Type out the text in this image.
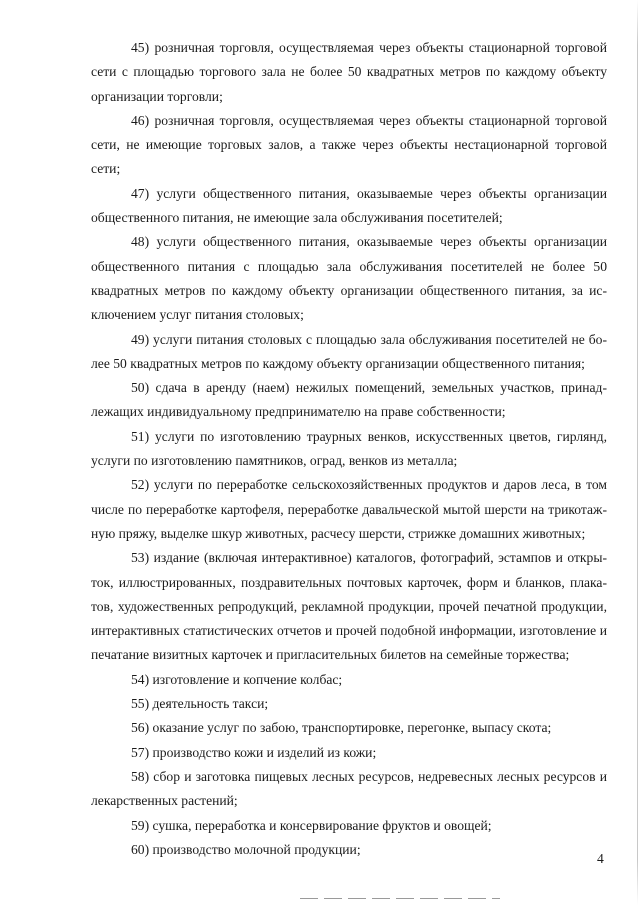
45) розничная торговля, осуществляемая через объекты стационарной торговой сети с площадью торгового зала не более 50 квадратных метров по каждому объекту организации торговли;

46) розничная торговля, осуществляемая через объекты стационарной торговой сети, не имеющие торговых залов, а также через объекты нестационарной торговой сети;

47) услуги общественного питания, оказываемые через объекты организации общественного питания, не имеющие зала обслуживания посетителей;

48) услуги общественного питания, оказываемые через объекты организации общественного питания с площадью зала обслуживания посетителей не более 50 квадратных метров по каждому объекту организации общественного питания, за исключением услуг питания столовых;

49) услуги питания столовых с площадью зала обслуживания посетителей не более 50 квадратных метров по каждому объекту организации общественного питания;

50) сдача в аренду (наем) нежилых помещений, земельных участков, принадлежащих индивидуальному предпринимателю на праве собственности;

51) услуги по изготовлению траурных венков, искусственных цветов, гирлянд, услуги по изготовлению памятников, оград, венков из металла;

52) услуги по переработке сельскохозяйственных продуктов и даров леса, в том числе по переработке картофеля, переработке давальческой мытой шерсти на трикотажную пряжу, выделке шкур животных, расчесу шерсти, стрижке домашних животных;

53) издание (включая интерактивное) каталогов, фотографий, эстампов и открыток, иллюстрированных, поздравительных почтовых карточек, форм и бланков, плакатов, художественных репродукций, рекламной продукции, прочей печатной продукции, интерактивных статистических отчетов и прочей подобной информации, изготовление и печатание визитных карточек и пригласительных билетов на семейные торжества;

54) изготовление и копчение колбас;

55) деятельность такси;

56) оказание услуг по забою, транспортировке, перегонке, выпасу скота;

57) производство кожи и изделий из кожи;

58) сбор и заготовка пищевых лесных ресурсов, недревесных лесных ресурсов и лекарственных растений;

59) сушка, переработка и консервирование фруктов и овощей;

60) производство молочной продукции;

4
